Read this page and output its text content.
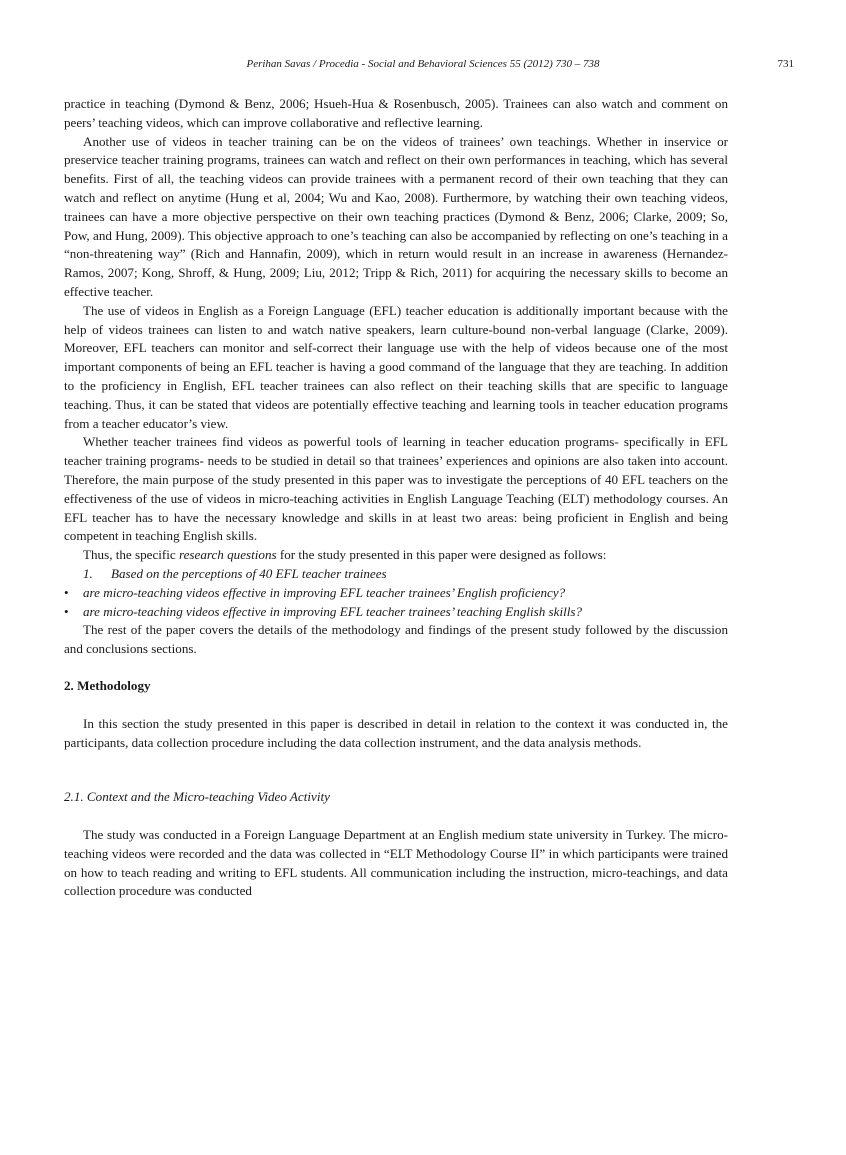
Perihan Savas / Procedia - Social and Behavioral Sciences 55 (2012) 730 – 738	731

practice in teaching (Dymond & Benz, 2006; Hsueh-Hua & Rosenbusch, 2005). Trainees can also watch and comment on peers’ teaching videos, which can improve collaborative and reflective learning.

Another use of videos in teacher training can be on the videos of trainees’ own teachings. Whether in inservice or preservice teacher training programs, trainees can watch and reflect on their own performances in teaching, which has several benefits. First of all, the teaching videos can provide trainees with a permanent record of their own teaching that they can watch and reflect on anytime (Hung et al, 2004; Wu and Kao, 2008). Furthermore, by watching their own teaching videos, trainees can have a more objective perspective on their own teaching practices (Dymond & Benz, 2006; Clarke, 2009; So, Pow, and Hung, 2009). This objective approach to one’s teaching can also be accompanied by reflecting on one’s teaching in a “non-threatening way” (Rich and Hannafin, 2009), which in return would result in an increase in awareness (Hernandez-Ramos, 2007; Kong, Shroff, & Hung, 2009; Liu, 2012; Tripp & Rich, 2011) for acquiring the necessary skills to become an effective teacher.

The use of videos in English as a Foreign Language (EFL) teacher education is additionally important because with the help of videos trainees can listen to and watch native speakers, learn culture-bound non-verbal language (Clarke, 2009). Moreover, EFL teachers can monitor and self-correct their language use with the help of videos because one of the most important components of being an EFL teacher is having a good command of the language that they are teaching. In addition to the proficiency in English, EFL teacher trainees can also reflect on their teaching skills that are specific to language teaching. Thus, it can be stated that videos are potentially effective teaching and learning tools in teacher education programs from a teacher educator’s view.

Whether teacher trainees find videos as powerful tools of learning in teacher education programs- specifically in EFL teacher training programs- needs to be studied in detail so that trainees’ experiences and opinions are also taken into account. Therefore, the main purpose of the study presented in this paper was to investigate the perceptions of 40 EFL teachers on the effectiveness of the use of videos in micro-teaching activities in English Language Teaching (ELT) methodology courses. An EFL teacher has to have the necessary knowledge and skills in at least two areas: being proficient in English and being competent in teaching English skills.

Thus, the specific research questions for the study presented in this paper were designed as follows:

1. Based on the perceptions of 40 EFL teacher trainees

• are micro-teaching videos effective in improving EFL teacher trainees’ English proficiency?
• are micro-teaching videos effective in improving EFL teacher trainees’ teaching English skills?

The rest of the paper covers the details of the methodology and findings of the present study followed by the discussion and conclusions sections.

2. Methodology

In this section the study presented in this paper is described in detail in relation to the context it was conducted in, the participants, data collection procedure including the data collection instrument, and the data analysis methods.

2.1. Context and the Micro-teaching Video Activity

The study was conducted in a Foreign Language Department at an English medium state university in Turkey. The micro-teaching videos were recorded and the data was collected in “ELT Methodology Course II” in which participants were trained on how to teach reading and writing to EFL students. All communication including the instruction, micro-teachings, and data collection procedure was conducted
